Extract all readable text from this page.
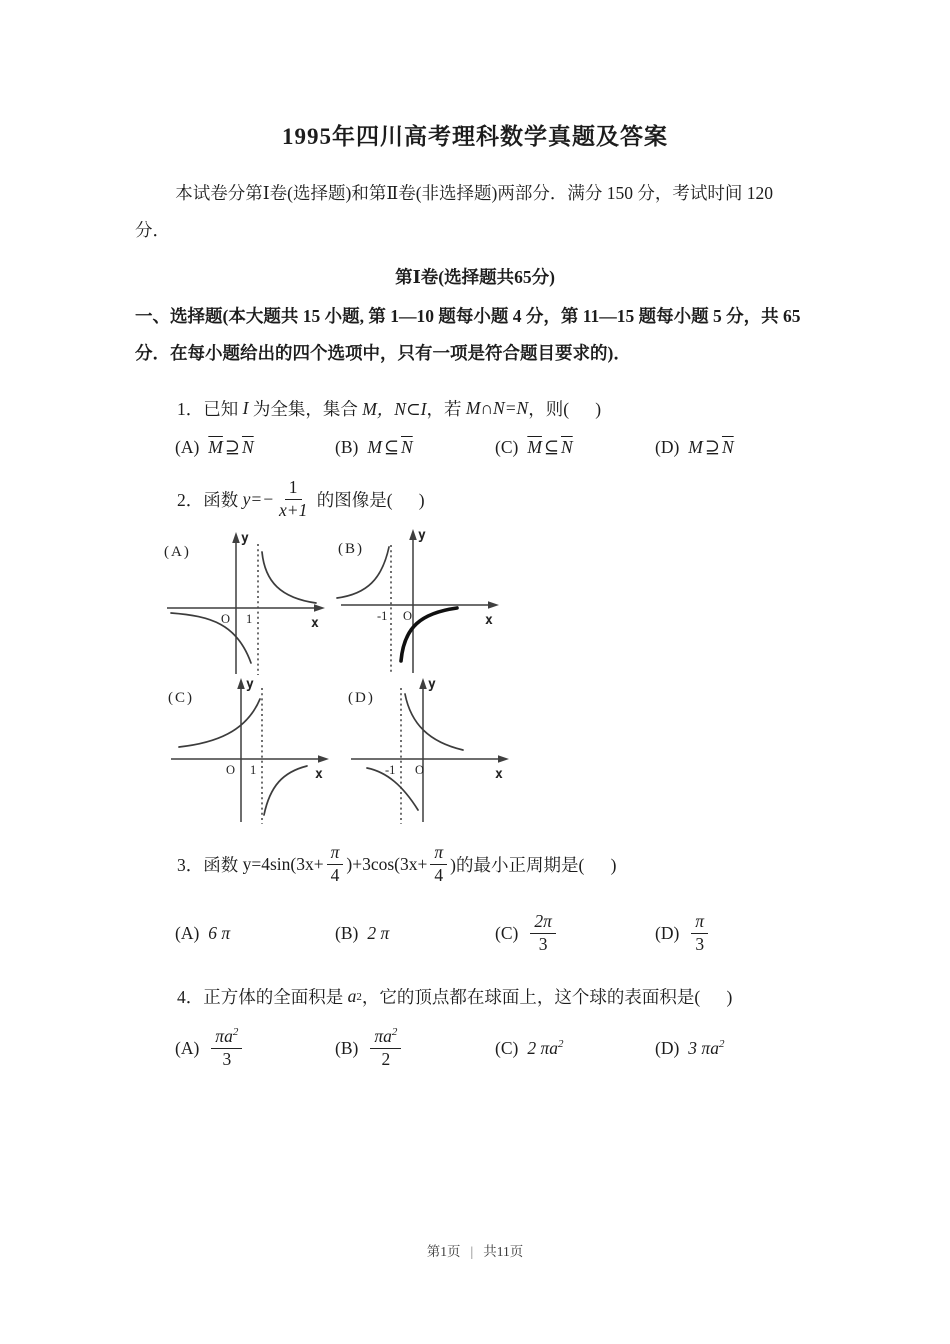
1995年四川高考理科数学真题及答案
本试卷分第Ⅰ卷(选择题)和第Ⅱ卷(非选择题)两部分．满分 150 分，考试时间 120
分．
第Ⅰ卷(选择题共65分)
一、选择题(本大题共 15 小题, 第 1—10 题每小题 4 分，第 11—15 题每小题 5 分，共 65
分．在每小题给出的四个选项中，只有一项是符合题目要求的)．

1．已知 I 为全集，集合 M，N⊂I ，若 M∩N=N ，则(      )

(A) $\overline{M}$ ⊇ $\overline{N}$	(B) M ⊆ $\overline{N}$	(C) $\overline{M}$ ⊆ $\overline{N}$	(D) M ⊇ $\overline{N}$

2．函数 $y=- \frac{1}{x+1}$ 的图像是(      )

(A)
y
x
O 1
(B)
y
x
O
-1
(C)
y
x
O 1
(D)
y
x
O
-1

3．函数 $y=4\sin(3x+ \frac{\pi}{4} )+3\cos(3x+ \frac{\pi}{4}$ )的最小正周期是(      )

(A) 6 π	(B) 2 π	$(C) \frac{2\pi}{3}$	$(D) \frac{\pi}{3}$

4．正方体的全面积是 a 2 ，它的顶点都在球面上，这个球的表面积是(      )

$(A) \frac{\pi a^2}{3}$	$(B) \frac{\pi a^2}{2}$	(C) 2 $\pi a^2$	(D) 3 $\pi a^2$
第1页 | 共11页
